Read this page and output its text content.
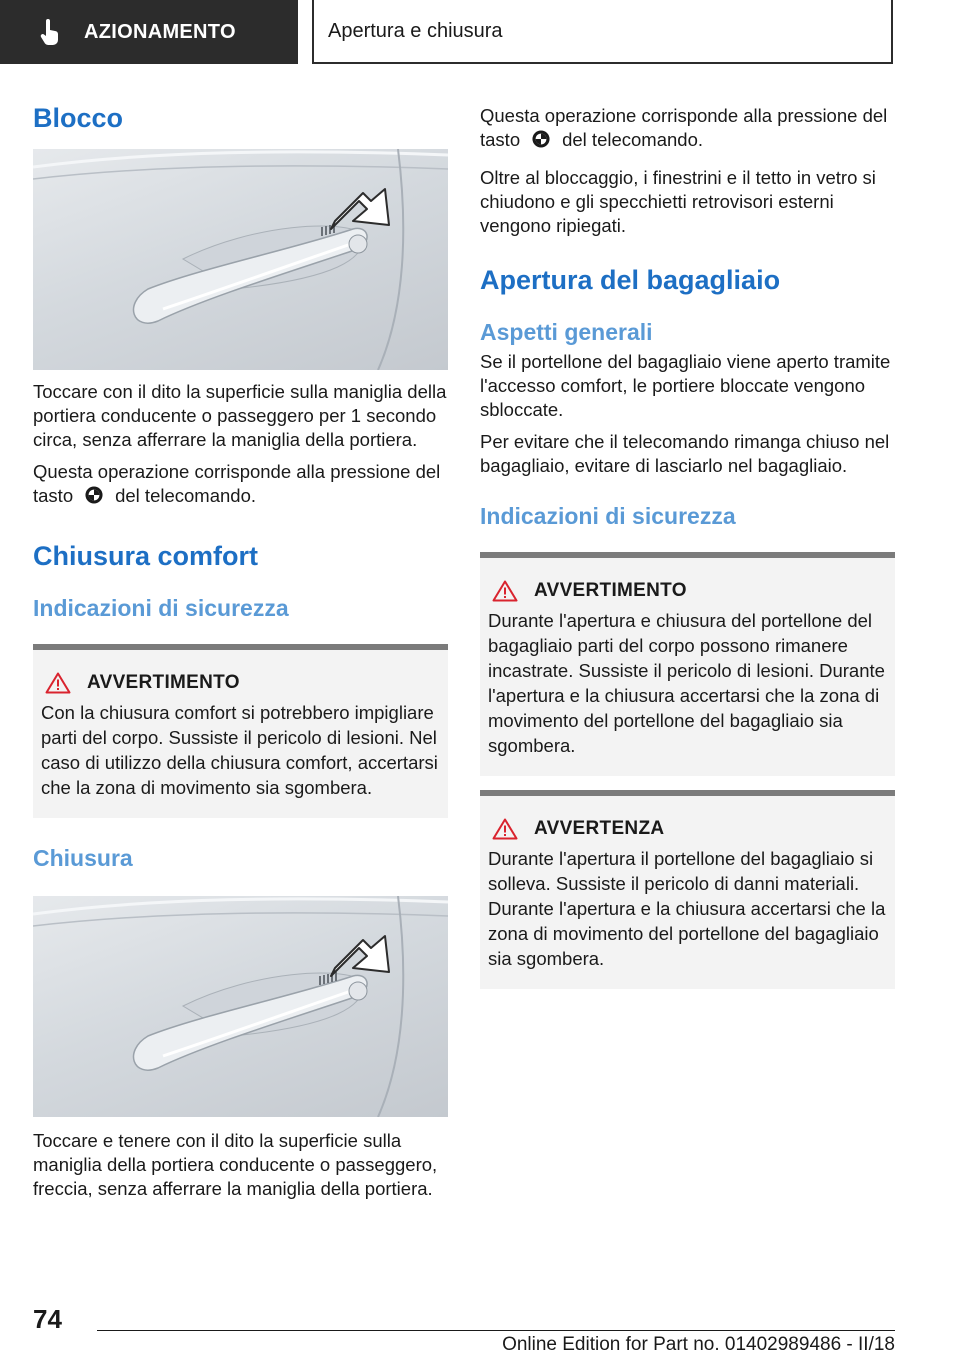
AZIONAMENTO	Apertura e chiusura
Blocco

Toccare con il dito la superficie sulla maniglia della portiera conducente o passeggero per 1 secondo circa, senza afferrare la maniglia della portiera.

Questa operazione corrisponde alla pressione del tasto del telecomando.

Chiusura comfort
Indicazioni di sicurezza
AVVERTIMENTO

Con la chiusura comfort si potrebbero impigliare parti del corpo. Sussiste il pericolo di lesioni. Nel caso di utilizzo della chiusura comfort, accertarsi che la zona di movimento sia sgombera.

Chiusura

Toccare e tenere con il dito la superficie sulla maniglia della portiera conducente o passeggero, freccia, senza afferrare la maniglia della portiera.

Questa operazione corrisponde alla pressione del tasto del telecomando.

Oltre al bloccaggio, i finestrini e il tetto in vetro si chiudono e gli specchietti retrovisori esterni vengono ripiegati.

Apertura del bagagliaio
Aspetti generali

Se il portellone del bagagliaio viene aperto tramite l'accesso comfort, le portiere bloccate vengono sbloccate.

Per evitare che il telecomando rimanga chiuso nel bagagliaio, evitare di lasciarlo nel bagagliaio.

Indicazioni di sicurezza
AVVERTIMENTO

Durante l'apertura e chiusura del portellone del bagagliaio parti del corpo possono rimanere incastrate. Sussiste il pericolo di lesioni. Durante l'apertura e la chiusura accertarsi che la zona di movimento del portellone del bagagliaio sia sgombera.

AVVERTENZA

Durante l'apertura il portellone del bagagliaio si solleva. Sussiste il pericolo di danni materiali. Durante l'apertura e la chiusura accertarsi che la zona di movimento del portellone del bagagliaio sia sgombera.

74
Online Edition for Part no. 01402989486 - II/18
